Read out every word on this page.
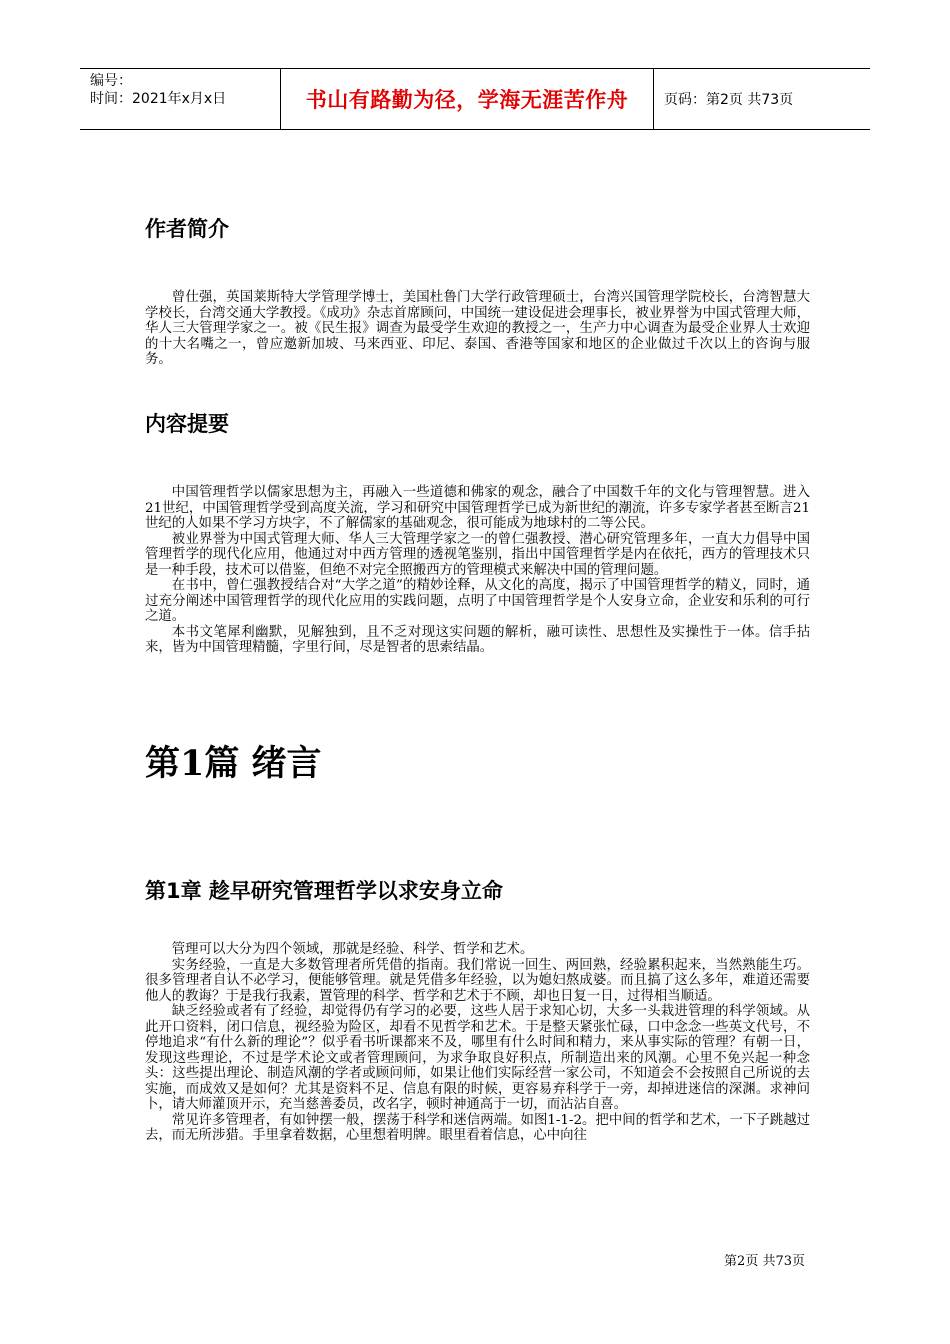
编号：
时间：2021年x月x日	书山有路勤为径，学海无涯苦作舟	页码：第2页 共73页
作者简介

曾仕强，英国莱斯特大学管理学博士，美国杜鲁门大学行政管理硕士，台湾兴国管理学院校长，台湾智慧大学校长，台湾交通大学教授。《成功》杂志首席顾问，中国统一建设促进会理事长，被业界誉为中国式管理大师，华人三大管理学家之一。被《民生报》调查为最受学生欢迎的教授之一，生产力中心调查为最受企业界人士欢迎的十大名嘴之一，曾应邀新加坡、马来西亚、印尼、泰国、香港等国家和地区的企业做过千次以上的咨询与服务。

内容提要

中国管理哲学以儒家思想为主，再融入一些道德和佛家的观念，融合了中国数千年的文化与管理智慧。进入21世纪，中国管理哲学受到高度关流，学习和研究中国管理哲学已成为新世纪的潮流，许多专家学者甚至断言21世纪的人如果不学习方块字，不了解儒家的基础观念，很可能成为地球村的二等公民。

被业界誉为中国式管理大师、华人三大管理学家之一的曾仁强教授、潜心研究管理多年，一直大力倡导中国管理哲学的现代化应用，他通过对中西方管理的透视笔鉴别，指出中国管理哲学是内在依托，西方的管理技术只是一种手段，技术可以借鉴，但绝不对完全照搬西方的管理模式来解决中国的管理问题。

在书中，曾仁强教授结合对“大学之道”的精妙诠释，从文化的高度，揭示了中国管理哲学的精义，同时，通过充分阐述中国管理哲学的现代化应用的实践问题，点明了中国管理哲学是个人安身立命，企业安和乐利的可行之道。

本书文笔犀利幽默，见解独到，且不乏对现这实问题的解析，融可读性、思想性及实操性于一体。信手拈来，皆为中国管理精髓，字里行间，尽是智者的思索结晶。

第1篇 绪言
第1章 趁早研究管理哲学以求安身立命

管理可以大分为四个领域，那就是经验、科学、哲学和艺术。

实务经验，一直是大多数管理者所凭借的指南。我们常说一回生、两回熟，经验累积起来，当然熟能生巧。很多管理者自认不必学习，便能够管理。就是凭借多年经验，以为媳妇熬成婆。而且搞了这么多年，难道还需要他人的教诲？于是我行我素，置管理的科学、哲学和艺术于不顾，却也日复一日，过得相当顺适。

缺乏经验或者有了经验，却觉得仍有学习的必要，这些人居于求知心切，大多一头栽进管理的科学领域。从此开口资料，闭口信息，视经验为险区，却看不见哲学和艺术。于是整天紧张忙碌，口中念念一些英文代号，不停地追求“有什么新的理论”？似乎看书听课都来不及，哪里有什么时间和精力，来从事实际的管理？有朝一日，发现这些理论，不过是学术论文或者管理顾问，为求争取良好积点，所制造出来的风潮。心里不免兴起一种念头：这些提出理论、制造风潮的学者或顾问师，如果让他们实际经营一家公司，不知道会不会按照自己所说的去实施，而成效又是如何？尤其是资料不足、信息有限的时候，更容易弃科学于一旁，却掉进迷信的深渊。求神问卜，请大师灌顶开示，充当慈善委员，改名字，顿时神通高于一切，而沾沾自喜。

常见许多管理者，有如钟摆一般，摆荡于科学和迷信两端。如图1-1-2。把中间的哲学和艺术，一下子跳越过去，而无所涉猎。手里拿着数据，心里想着明牌。眼里看着信息，心中向往

第2页 共73页
